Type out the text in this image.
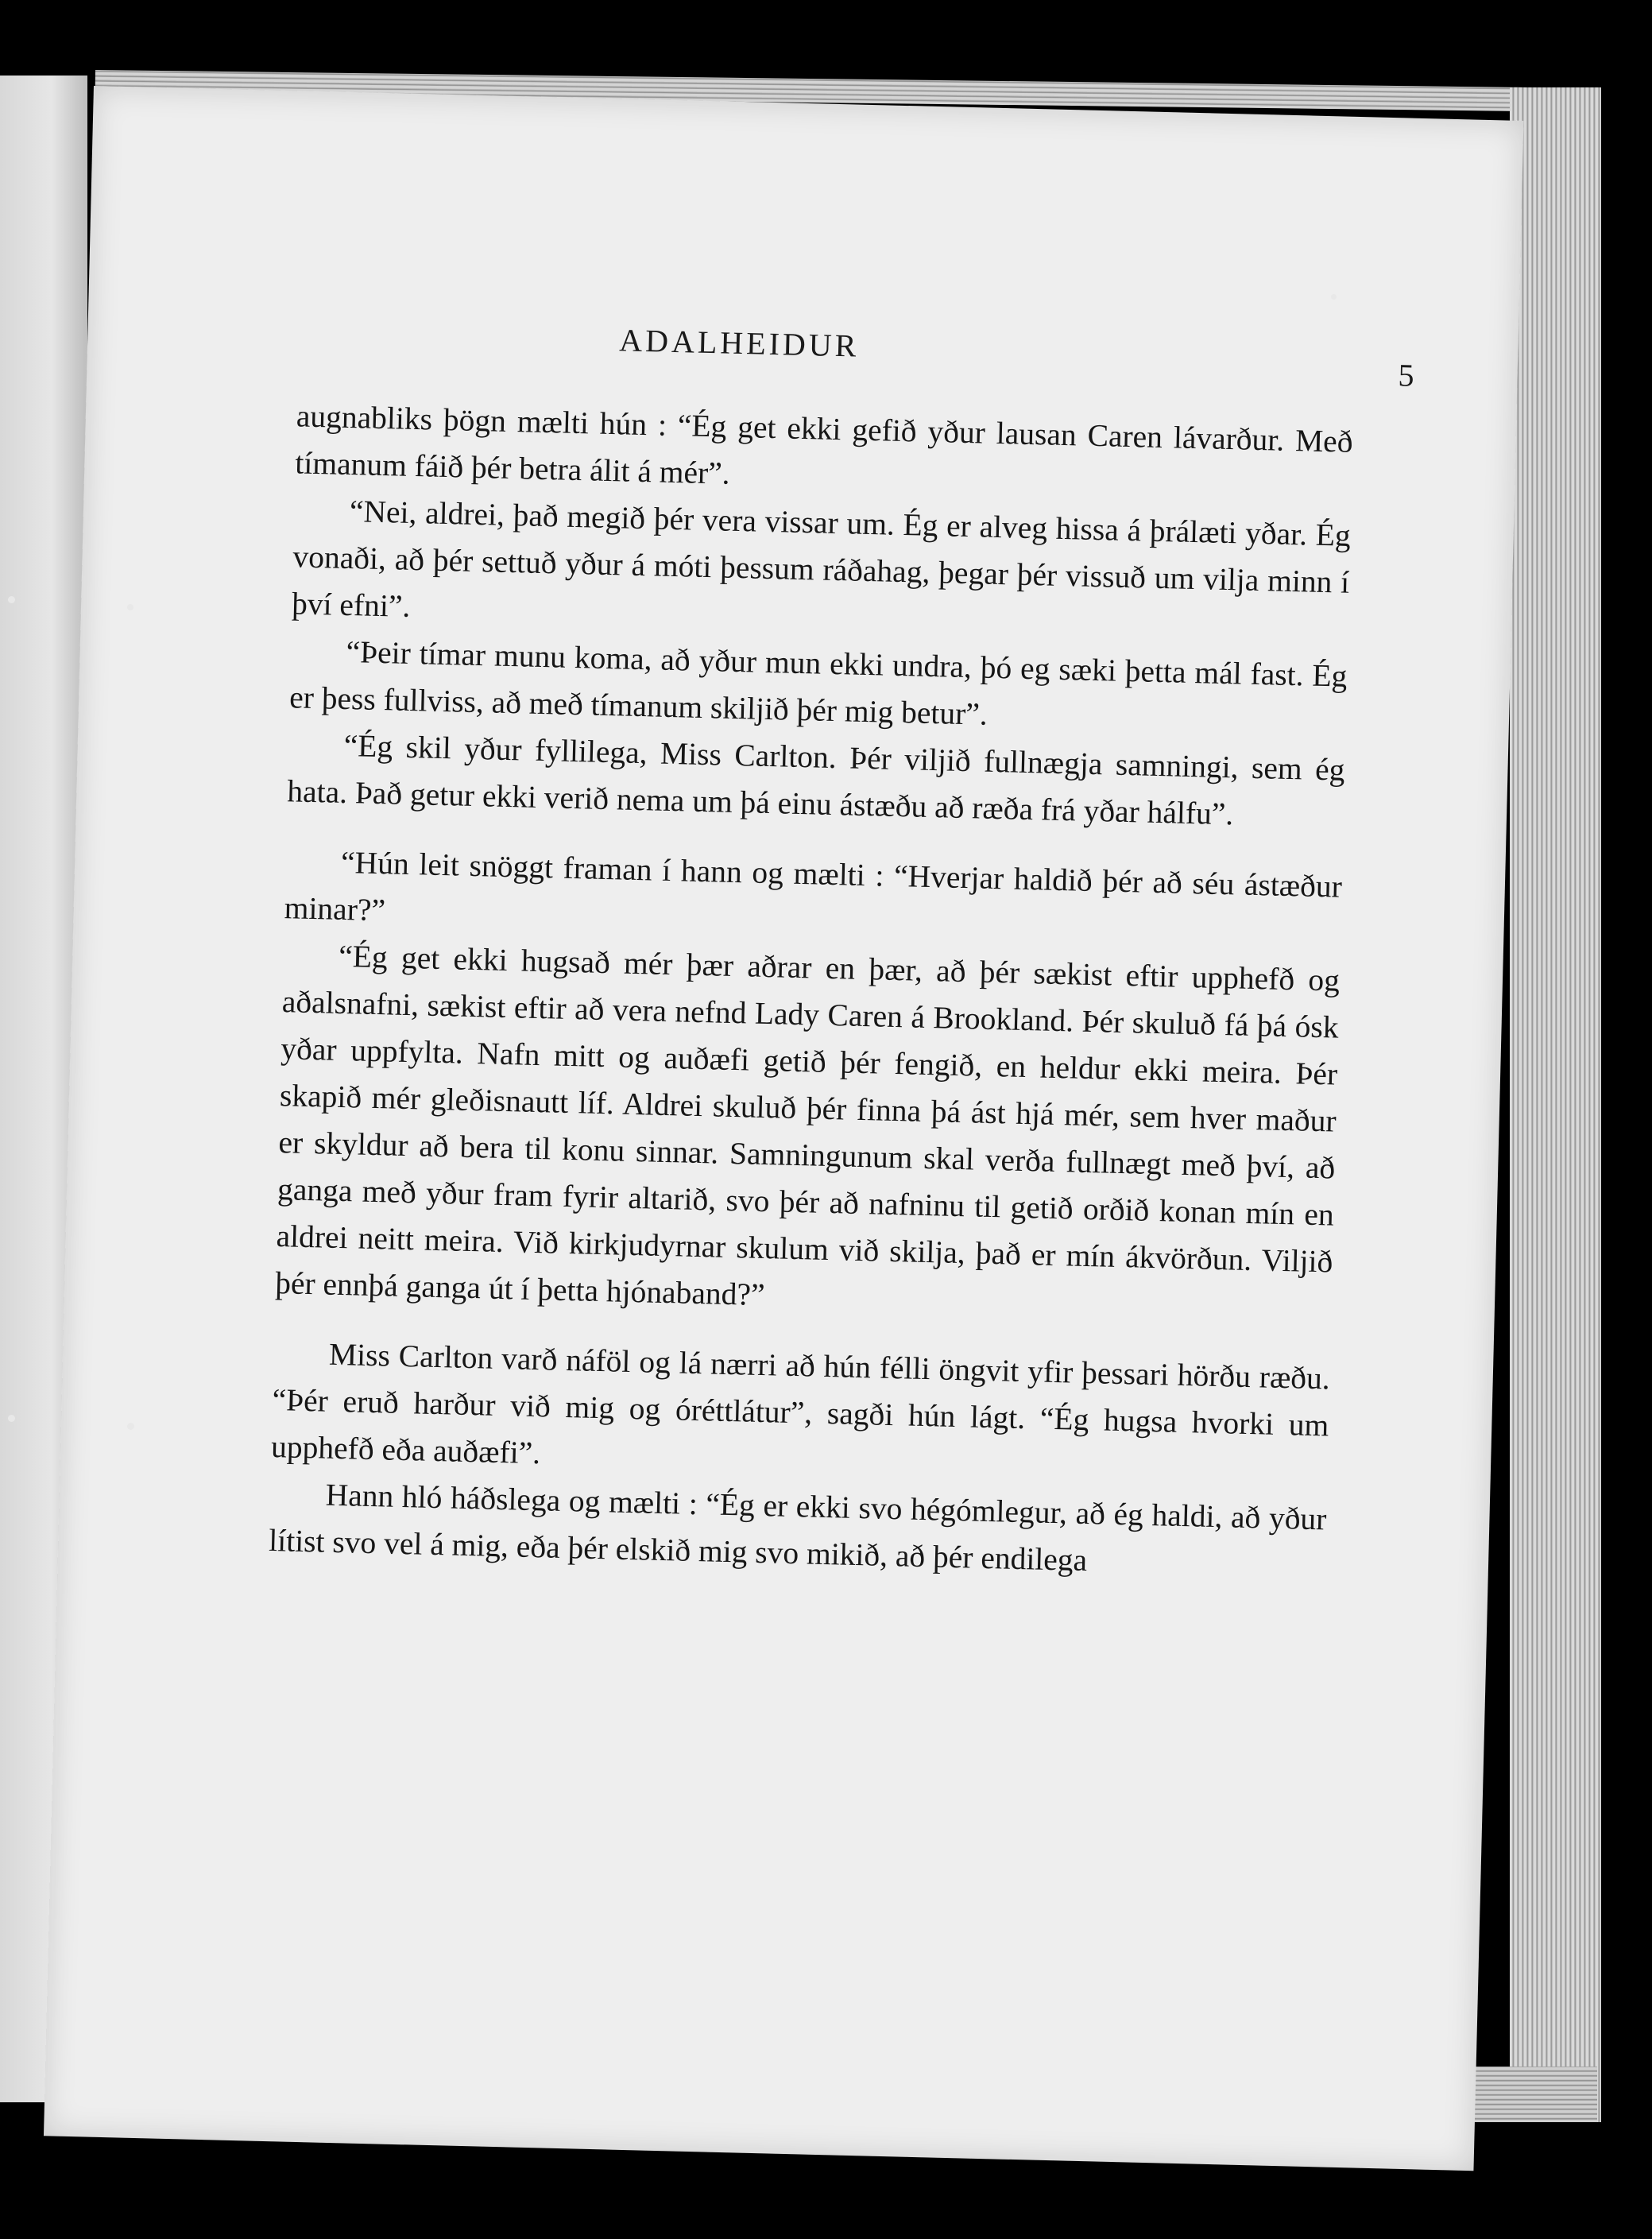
ADALHEIDUR
5

augnabliks þögn mælti hún : “Ég get ekki gefið yður lausan Caren lávarður. Með tímanum fáið þér betra álit á mér”.

“Nei, aldrei, það megið þér vera vissar um. Ég er alveg hissa á þrálæti yðar. Ég vonaði, að þér settuð yður á móti þessum ráðahag, þegar þér vissuð um vilja minn í því efni”.

“Þeir tímar munu koma, að yður mun ekki undra, þó eg sæki þetta mál fast. Ég er þess fullviss, að með tímanum skiljið þér mig betur”.

“Ég skil yður fyllilega, Miss Carlton. Þér viljið fullnægja samningi, sem ég hata. Það getur ekki verið nema um þá einu ástæðu að ræða frá yðar hálfu”.

“Hún leit snöggt framan í hann og mælti : “Hverjar haldið þér að séu ástæður minar?”

“Ég get ekki hugsað mér þær aðrar en þær, að þér sækist eftir upphefð og aðalsnafni, sækist eftir að vera nefnd Lady Caren á Brookland. Þér skuluð fá þá ósk yðar uppfylta. Nafn mitt og auðæfi getið þér fengið, en heldur ekki meira. Þér skapið mér gleðisnautt líf. Aldrei skuluð þér finna þá ást hjá mér, sem hver maður er skyldur að bera til konu sinnar. Samningunum skal verða fullnægt með því, að ganga með yður fram fyrir altarið, svo þér að nafninu til getið orðið konan mín en aldrei neitt meira. Við kirkjudyrnar skulum við skilja, það er mín ákvörðun. Viljið þér ennþá ganga út í þetta hjónaband?”

Miss Carlton varð náföl og lá nærri að hún félli öngvit yfir þessari hörðu ræðu. “Þér eruð harður við mig og óréttlátur”, sagði hún lágt. “Ég hugsa hvorki um upphefð eða auðæfi”.

Hann hló háðslega og mælti : “Ég er ekki svo hégómlegur, að ég haldi, að yður lítist svo vel á mig, eða þér elskið mig svo mikið, að þér endilega
